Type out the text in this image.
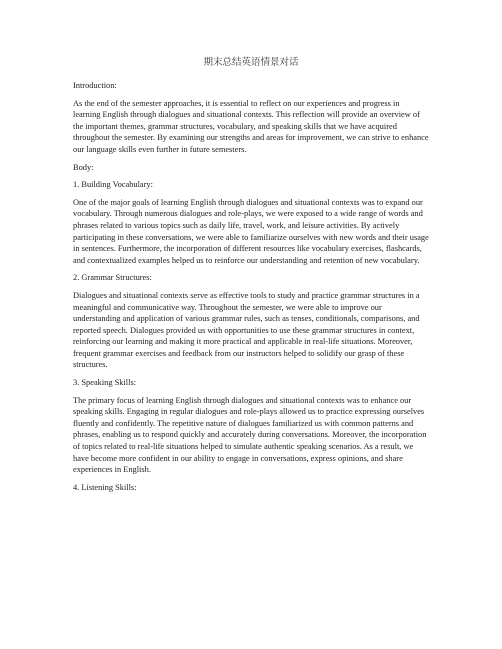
期末总结英语情景对话

Introduction:

As the end of the semester approaches, it is essential to reflect on our experiences and progress in learning English through dialogues and situational contexts. This reflection will provide an overview of the important themes, grammar structures, vocabulary, and speaking skills that we have acquired throughout the semester. By examining our strengths and areas for improvement, we can strive to enhance our language skills even further in future semesters.

Body:

1. Building Vocabulary:

One of the major goals of learning English through dialogues and situational contexts was to expand our vocabulary. Through numerous dialogues and role-plays, we were exposed to a wide range of words and phrases related to various topics such as daily life, travel, work, and leisure activities. By actively participating in these conversations, we were able to familiarize ourselves with new words and their usage in sentences. Furthermore, the incorporation of different resources like vocabulary exercises, flashcards, and contextualized examples helped us to reinforce our understanding and retention of new vocabulary.

2. Grammar Structures:

Dialogues and situational contexts serve as effective tools to study and practice grammar structures in a meaningful and communicative way. Throughout the semester, we were able to improve our understanding and application of various grammar rules, such as tenses, conditionals, comparisons, and reported speech. Dialogues provided us with opportunities to use these grammar structures in context, reinforcing our learning and making it more practical and applicable in real-life situations. Moreover, frequent grammar exercises and feedback from our instructors helped to solidify our grasp of these structures.

3. Speaking Skills:

The primary focus of learning English through dialogues and situational contexts was to enhance our speaking skills. Engaging in regular dialogues and role-plays allowed us to practice expressing ourselves fluently and confidently. The repetitive nature of dialogues familiarized us with common patterns and phrases, enabling us to respond quickly and accurately during conversations. Moreover, the incorporation of topics related to real-life situations helped to simulate authentic speaking scenarios. As a result, we have become more confident in our ability to engage in conversations, express opinions, and share experiences in English.

4. Listening Skills:
